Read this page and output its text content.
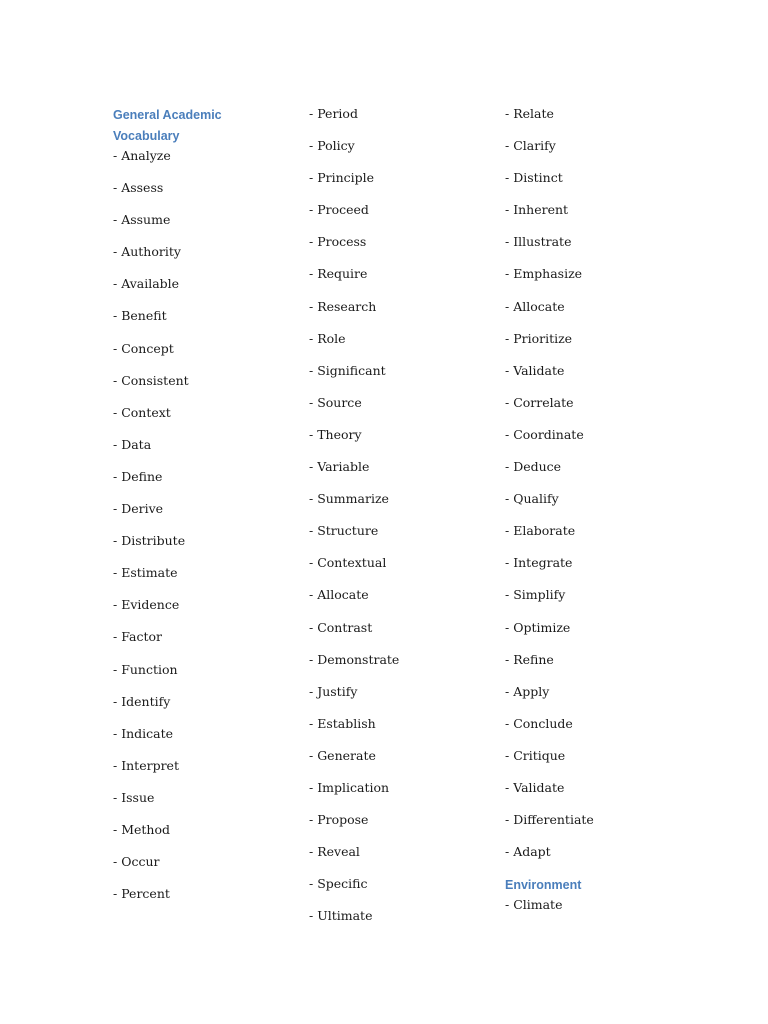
General Academic Vocabulary
- Analyze
- Assess
- Assume
- Authority
- Available
- Benefit
- Concept
- Consistent
- Context
- Data
- Define
- Derive
- Distribute
- Estimate
- Evidence
- Factor
- Function
- Identify
- Indicate
- Interpret
- Issue
- Method
- Occur
- Percent
- Period
- Policy
- Principle
- Proceed
- Process
- Require
- Research
- Role
- Significant
- Source
- Theory
- Variable
- Summarize
- Structure
- Contextual
- Allocate
- Contrast
- Demonstrate
- Justify
- Establish
- Generate
- Implication
- Propose
- Reveal
- Specific
- Ultimate
- Relate
- Clarify
- Distinct
- Inherent
- Illustrate
- Emphasize
- Allocate
- Prioritize
- Validate
- Correlate
- Coordinate
- Deduce
- Qualify
- Elaborate
- Integrate
- Simplify
- Optimize
- Refine
- Apply
- Conclude
- Critique
- Validate
- Differentiate
- Adapt
Environment
- Climate
